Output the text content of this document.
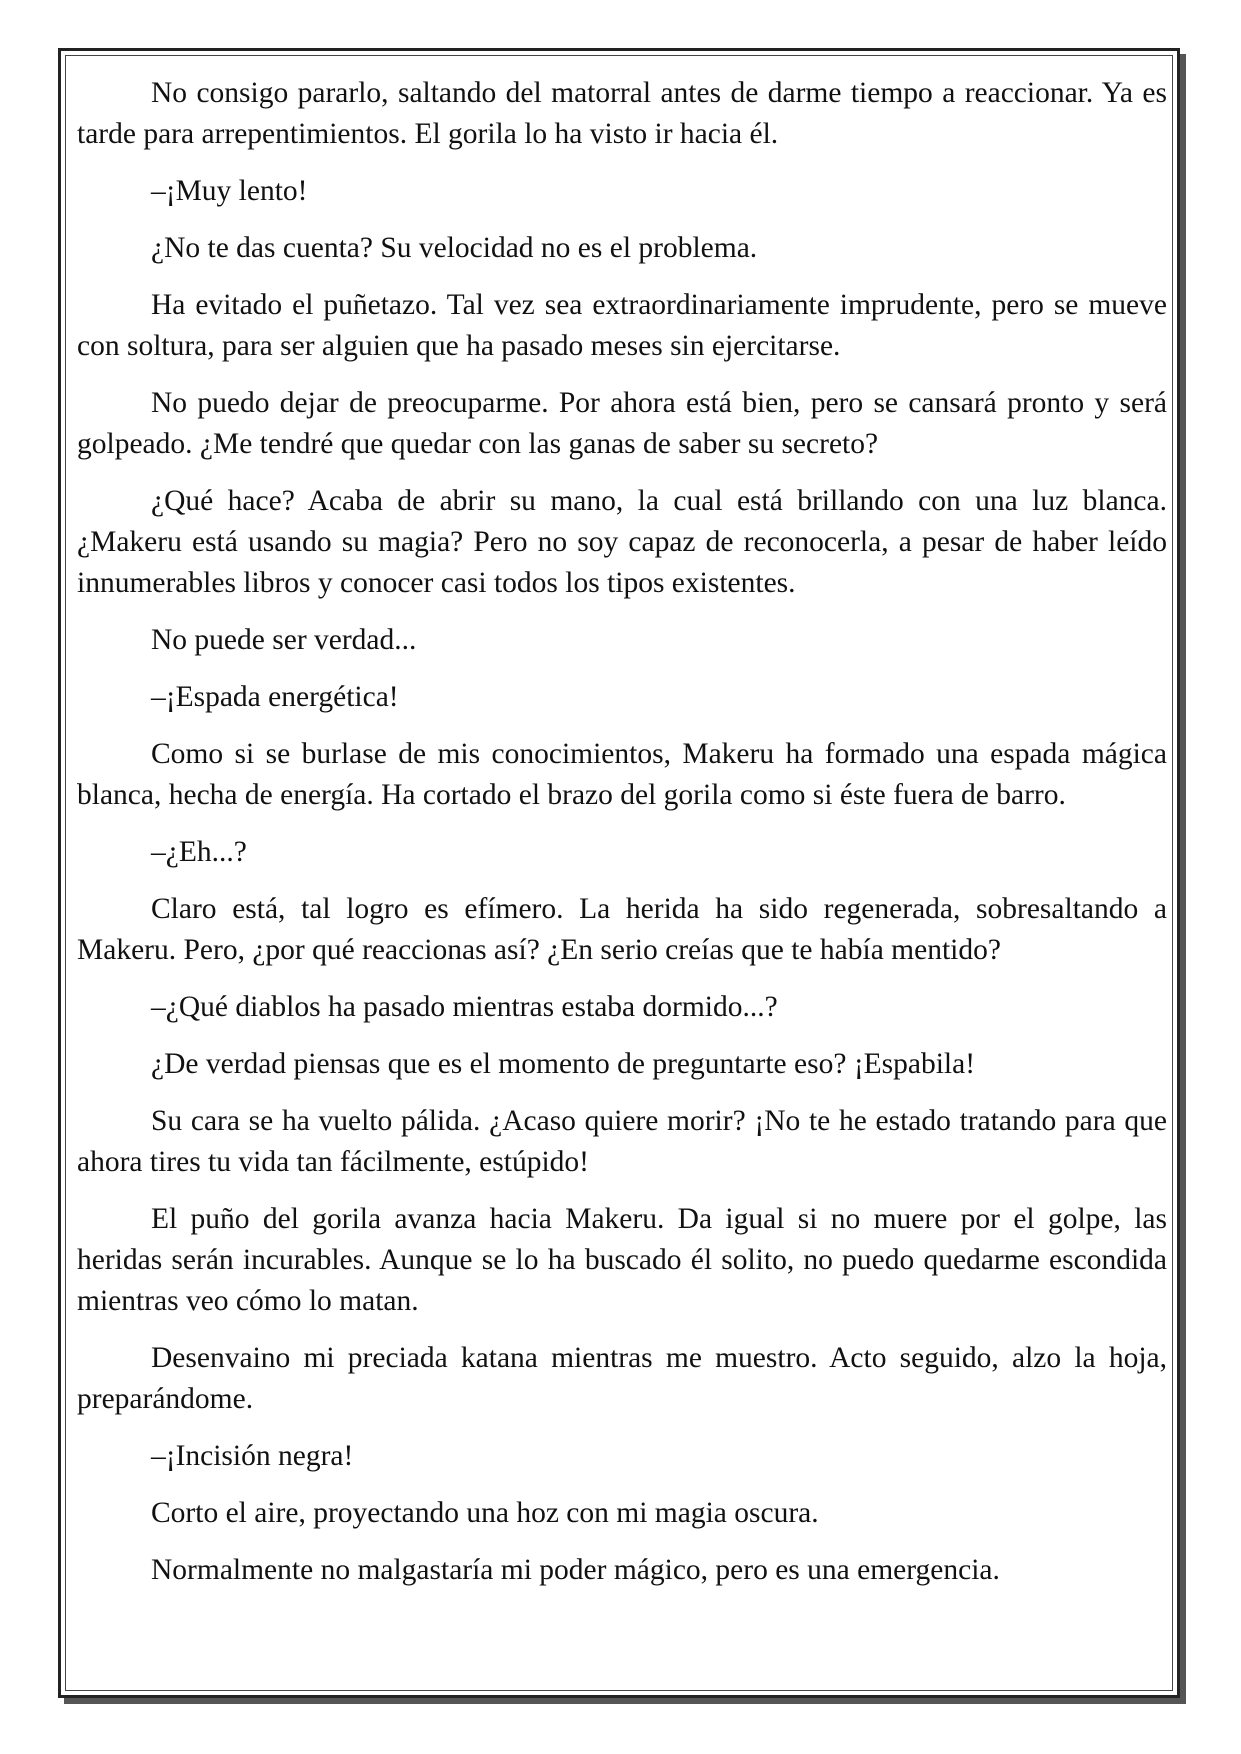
No consigo pararlo, saltando del matorral antes de darme tiempo a reaccionar. Ya es tarde para arrepentimientos. El gorila lo ha visto ir hacia él.

–¡Muy lento!

¿No te das cuenta? Su velocidad no es el problema.

Ha evitado el puñetazo. Tal vez sea extraordinariamente imprudente, pero se mueve con soltura, para ser alguien que ha pasado meses sin ejercitarse.

No puedo dejar de preocuparme. Por ahora está bien, pero se cansará pronto y será golpeado. ¿Me tendré que quedar con las ganas de saber su secreto?

¿Qué hace? Acaba de abrir su mano, la cual está brillando con una luz blanca. ¿Makeru está usando su magia? Pero no soy capaz de reconocerla, a pesar de haber leído innumerables libros y conocer casi todos los tipos existentes.

No puede ser verdad...

–¡Espada energética!

Como si se burlase de mis conocimientos, Makeru ha formado una espada mágica blanca, hecha de energía. Ha cortado el brazo del gorila como si éste fuera de barro.

–¿Eh...?

Claro está, tal logro es efímero. La herida ha sido regenerada, sobresaltando a Makeru. Pero, ¿por qué reaccionas así? ¿En serio creías que te había mentido?

–¿Qué diablos ha pasado mientras estaba dormido...?

¿De verdad piensas que es el momento de preguntarte eso? ¡Espabila!

Su cara se ha vuelto pálida. ¿Acaso quiere morir? ¡No te he estado tratando para que ahora tires tu vida tan fácilmente, estúpido!

El puño del gorila avanza hacia Makeru. Da igual si no muere por el golpe, las heridas serán incurables. Aunque se lo ha buscado él solito, no puedo quedarme escondida mientras veo cómo lo matan.

Desenvaino mi preciada katana mientras me muestro. Acto seguido, alzo la hoja, preparándome.

–¡Incisión negra!

Corto el aire, proyectando una hoz con mi magia oscura.

Normalmente no malgastaría mi poder mágico, pero es una emergencia.
